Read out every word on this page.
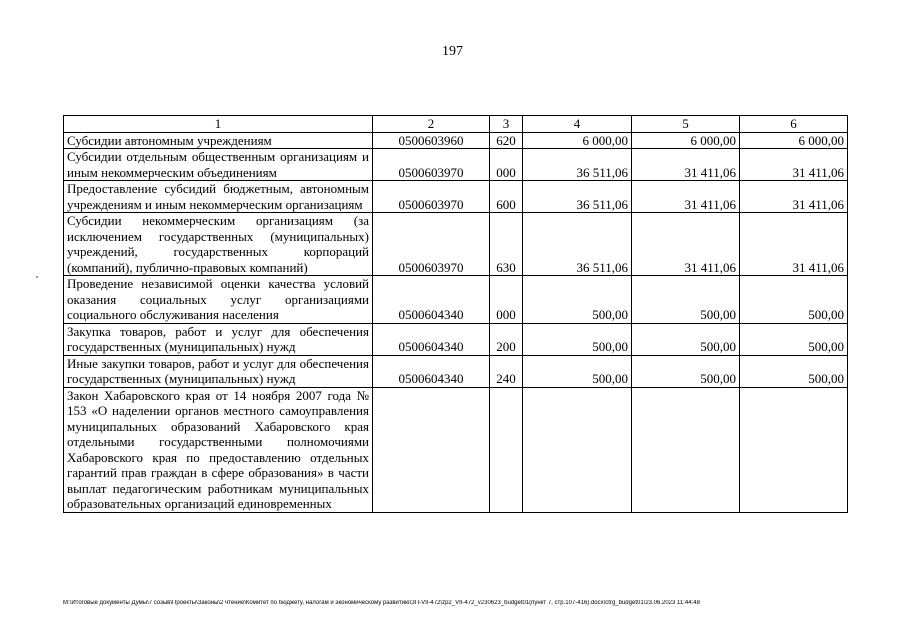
197
1	2	3	4	5	6
Субсидии автономным учреждениям	0500603960	620	6 000,00	6 000,00	6 000,00
Субсидии отдельным общественным организациям и иным некоммерческим объединениям	0500603970	000	36 511,06	31 411,06	31 411,06
Предоставление субсидий бюджетным, автономным учреждениям и иным некоммерческим организациям	0500603970	600	36 511,06	31 411,06	31 411,06
Субсидии некоммерческим организациям (за исключением государственных (муниципальных) учреждений, государственных корпораций (компаний), публично-правовых компаний)	0500603970	630	36 511,06	31 411,06	31 411,06
Проведение независимой оценки качества условий оказания социальных услуг организациями социального обслуживания населения	0500604340	000	500,00	500,00	500,00
Закупка товаров, работ и услуг для обеспечения государственных (муниципальных) нужд	0500604340	200	500,00	500,00	500,00
Иные закупки товаров, работ и услуг для обеспечения государственных (муниципальных) нужд	0500604340	240	500,00	500,00	500,00
Закон Хабаровского края от 14 ноября 2007 года № 153 «О наделении органов местного самоуправления муниципальных образований Хабаровского края отдельными государственными полномочиями Хабаровского края по предоставлению отдельных гарантий прав граждан в сфере образования» в части выплат педагогическим работникам муниципальных образовательных организаций единовременных					
M:\Итоговые документы Думы\7 созыв\Проекты\Законы\2 чтение\Комитет по бюджету, налогам и экономическому развитию\ЗП-VII-472\zp2_VII-472_v230623_budget01(пункт 7, стр.107-416).docx\ctrg_budget01\23.06.2023 11:44:48
